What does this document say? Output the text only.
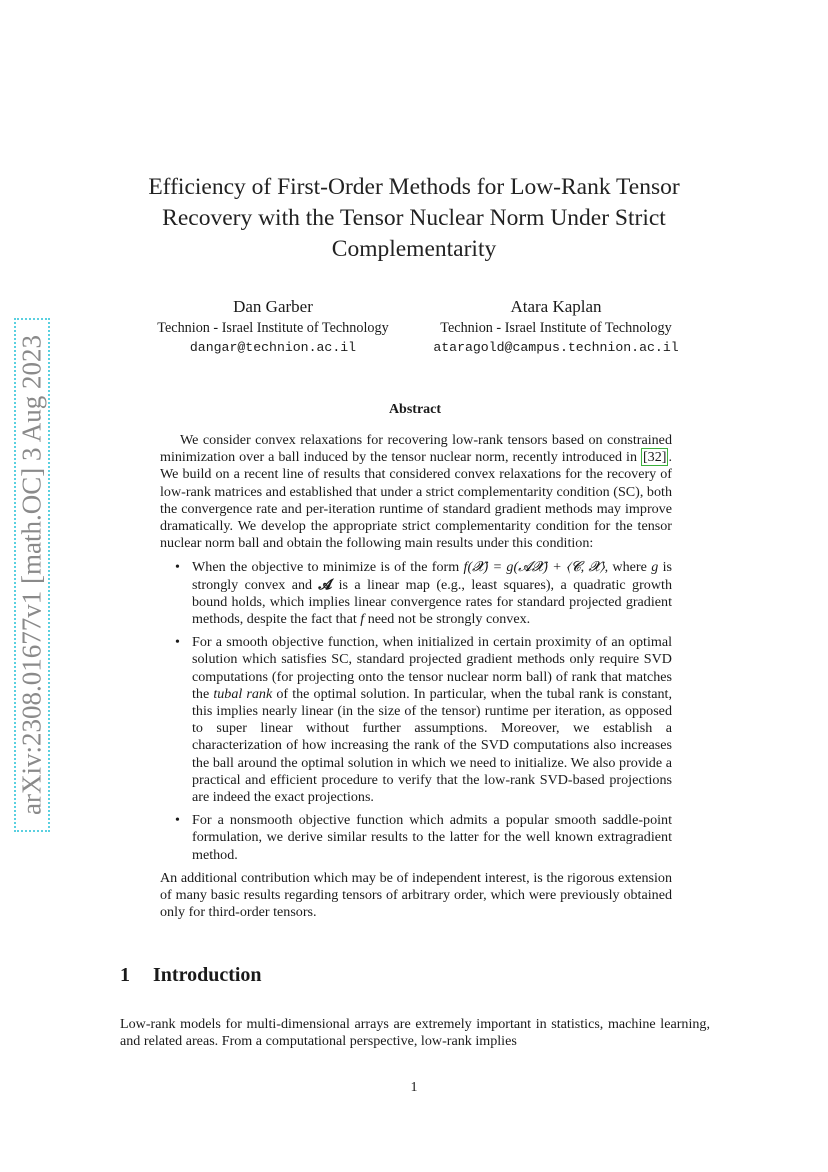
arXiv:2308.01677v1 [math.OC] 3 Aug 2023
Efficiency of First-Order Methods for Low-Rank Tensor Recovery with the Tensor Nuclear Norm Under Strict Complementarity
Dan Garber
Technion - Israel Institute of Technology
dangar@technion.ac.il
Atara Kaplan
Technion - Israel Institute of Technology
ataragold@campus.technion.ac.il
Abstract

We consider convex relaxations for recovering low-rank tensors based on constrained minimization over a ball induced by the tensor nuclear norm, recently introduced in [32] . We build on a recent line of results that considered convex relaxations for the recovery of low-rank matrices and established that under a strict complementarity condition (SC), both the convergence rate and per-iteration runtime of standard gradient methods may improve dramatically. We develop the appropriate strict complementarity condition for the tensor nuclear norm ball and obtain the following main results under this condition:

• When the objective to minimize is of the form f(𝓧) = g(𝓐𝓧) + ⟨𝓒, 𝓧⟩, where g is strongly convex and 𝓐 is a linear map (e.g., least squares), a quadratic growth bound holds, which implies linear convergence rates for standard projected gradient methods, despite the fact that f need not be strongly convex.
• For a smooth objective function, when initialized in certain proximity of an optimal solution which satisfies SC, standard projected gradient methods only require SVD computations (for projecting onto the tensor nuclear norm ball) of rank that matches the tubal rank of the optimal solution. In particular, when the tubal rank is constant, this implies nearly linear (in the size of the tensor) runtime per iteration, as opposed to super linear without further assumptions. Moreover, we establish a characterization of how increasing the rank of the SVD computations also increases the ball around the optimal solution in which we need to initialize. We also provide a practical and efficient procedure to verify that the low-rank SVD-based projections are indeed the exact projections.
• For a nonsmooth objective function which admits a popular smooth saddle-point formulation, we derive similar results to the latter for the well known extragradient method.

An additional contribution which may be of independent interest, is the rigorous extension of many basic results regarding tensors of arbitrary order, which were previously obtained only for third-order tensors.

1 Introduction

Low-rank models for multi-dimensional arrays are extremely important in statistics, machine learning, and related areas. From a computational perspective, low-rank implies

1
